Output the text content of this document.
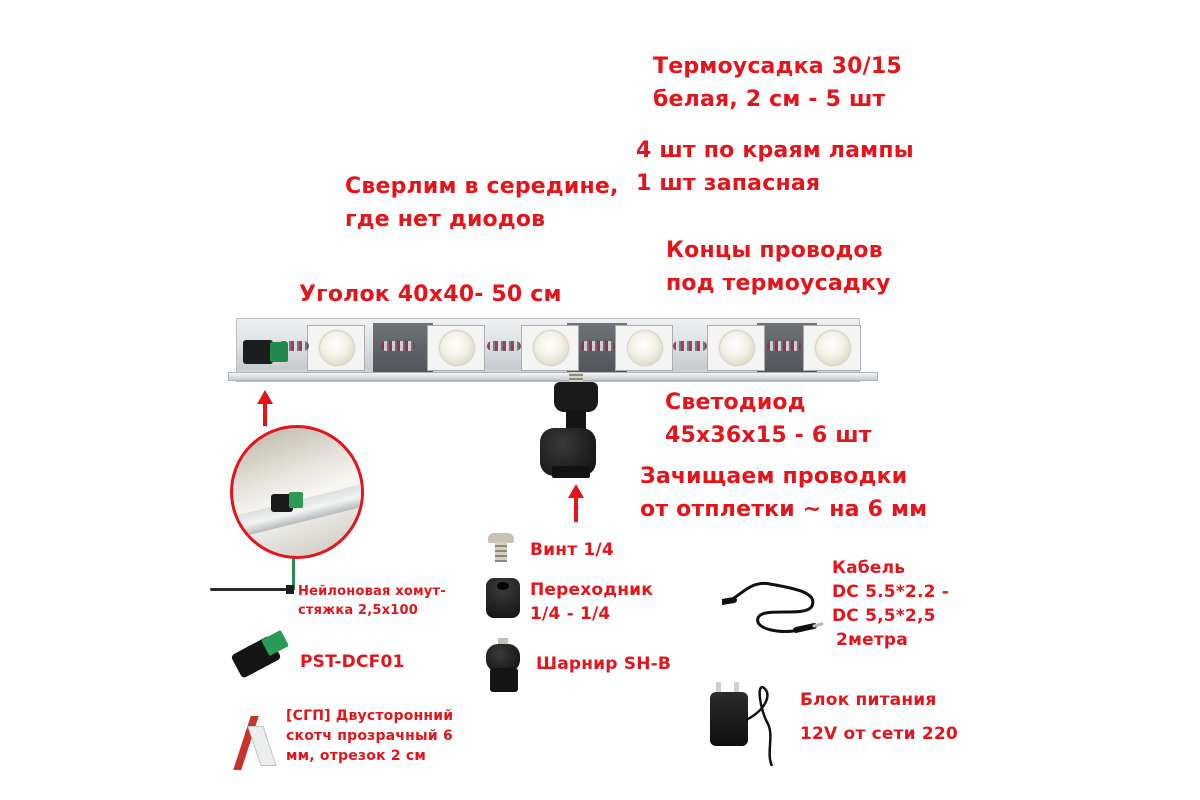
Термоусадка 30/15
белая, 2 см - 5 шт
4 шт по краям лампы
1 шт запасная
Сверлим в середине,
где нет диодов
Концы проводов
под термоусадку
Уголок 40х40- 50 см
Светодиод
45х36х15 - 6 шт
Зачищаем проводки
от отплетки ~ на 6 мм
Винт 1/4
Переходник
1/4 - 1/4
Шарнир SH-B
Нейлоновая хомут-
стяжка 2,5х100
PST-DCF01
[СГП] Двусторонний
скотч прозрачный 6
мм, отрезок 2 см
Кабель
DC 5.5*2.2 -
DC 5,5*2,5
2метра
Блок питания
12V от сети 220
